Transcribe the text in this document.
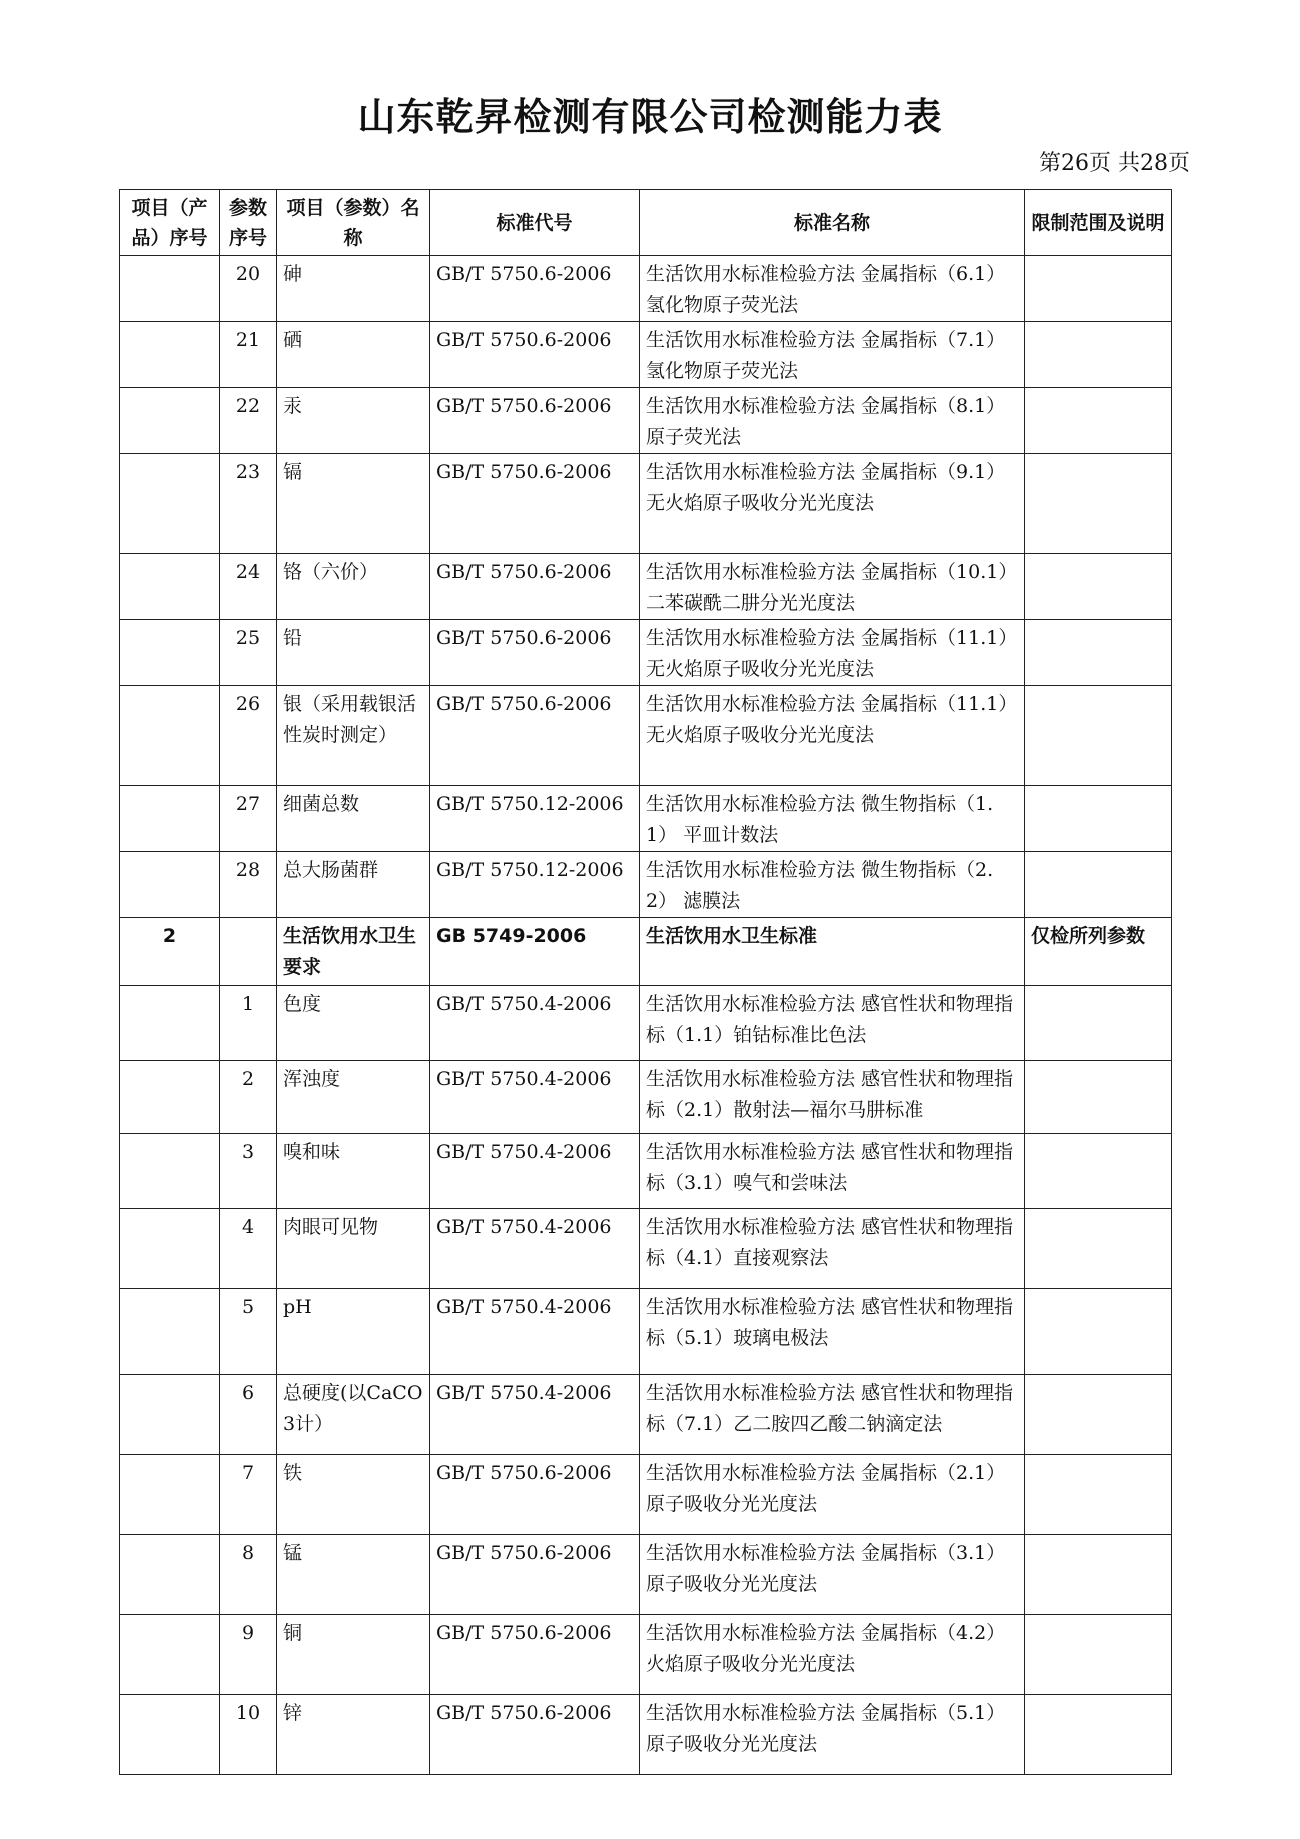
山东乾昇检测有限公司检测能力表
第26页 共28页
项目（产品）序号	参数序号	项目（参数）名称	标准代号	标准名称	限制范围及说明

	20	砷	GB/T 5750.6-2006	生活饮用水标准检验方法 金属指标（6.1） 氢化物原子荧光法	

	21	硒	GB/T 5750.6-2006	生活饮用水标准检验方法 金属指标（7.1） 氢化物原子荧光法	

	22	汞	GB/T 5750.6-2006	生活饮用水标准检验方法 金属指标（8.1） 原子荧光法	

	23	镉	GB/T 5750.6-2006	生活饮用水标准检验方法 金属指标（9.1）无火焰原子吸收分光光度法	

	24	铬（六价）	GB/T 5750.6-2006	生活饮用水标准检验方法 金属指标（10.1）二苯碳酰二肼分光光度法	

	25	铅	GB/T 5750.6-2006	生活饮用水标准检验方法 金属指标（11.1）无火焰原子吸收分光光度法	

	26	银（采用载银活性炭时测定）	GB/T 5750.6-2006	生活饮用水标准检验方法 金属指标（11.1）无火焰原子吸收分光光度法	

	27	细菌总数	GB/T 5750.12-2006	生活饮用水标准检验方法 微生物指标（1.1） 平皿计数法	

	28	总大肠菌群	GB/T 5750.12-2006	生活饮用水标准检验方法 微生物指标（2.2） 滤膜法	

2		生活饮用水卫生要求	GB 5749-2006	生活饮用水卫生标准	仅检所列参数

	1	色度	GB/T 5750.4-2006	生活饮用水标准检验方法 感官性状和物理指标（1.1）铂钴标准比色法	

	2	浑浊度	GB/T 5750.4-2006	生活饮用水标准检验方法 感官性状和物理指标（2.1）散射法—福尔马肼标准	

	3	嗅和味	GB/T 5750.4-2006	生活饮用水标准检验方法 感官性状和物理指标（3.1）嗅气和尝味法	

	4	肉眼可见物	GB/T 5750.4-2006	生活饮用水标准检验方法 感官性状和物理指标（4.1）直接观察法	

	5	pH	GB/T 5750.4-2006	生活饮用水标准检验方法 感官性状和物理指标（5.1）玻璃电极法	

	6	总硬度(以CaCO3计）	GB/T 5750.4-2006	生活饮用水标准检验方法 感官性状和物理指标（7.1）乙二胺四乙酸二钠滴定法	

	7	铁	GB/T 5750.6-2006	生活饮用水标准检验方法 金属指标（2.1）原子吸收分光光度法	

	8	锰	GB/T 5750.6-2006	生活饮用水标准检验方法 金属指标（3.1）原子吸收分光光度法	

	9	铜	GB/T 5750.6-2006	生活饮用水标准检验方法 金属指标（4.2）火焰原子吸收分光光度法	

	10	锌	GB/T 5750.6-2006	生活饮用水标准检验方法 金属指标（5.1）原子吸收分光光度法	
